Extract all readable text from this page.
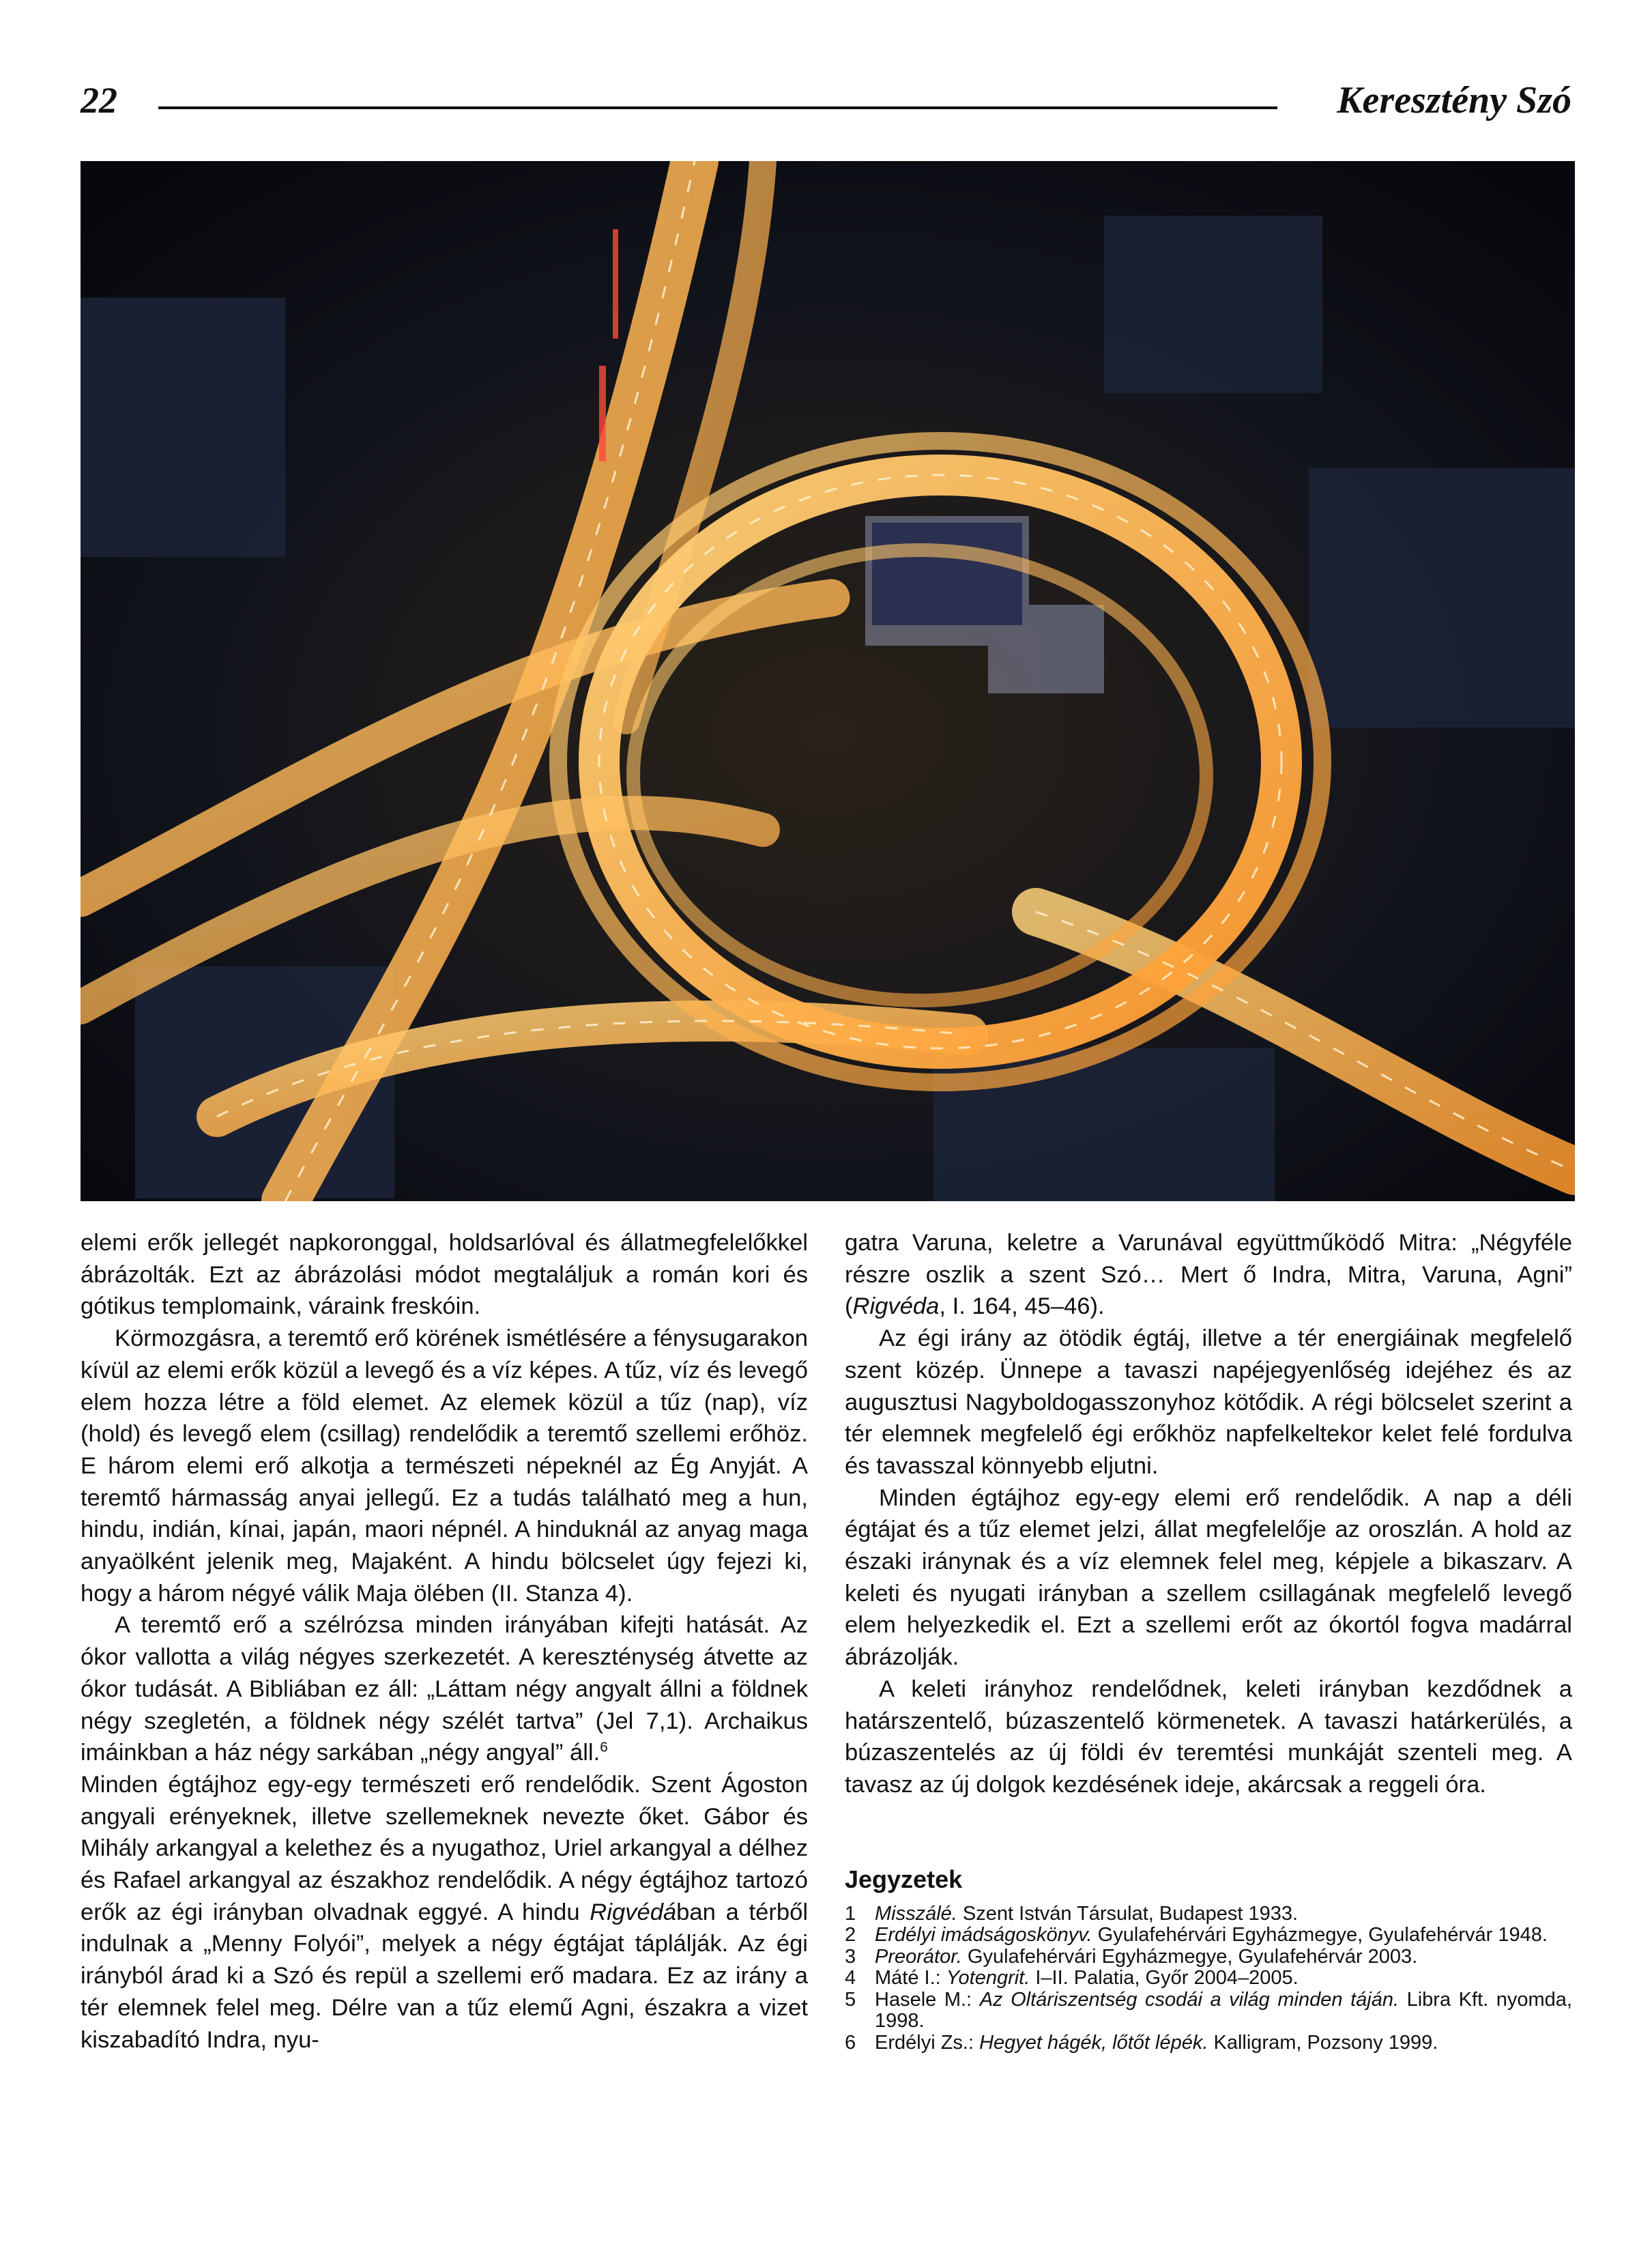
22	Keresztény Szó

elemi erők jellegét napkoronggal, holdsarlóval és állatmegfelelőkkel ábrázolták. Ezt az ábrázolási módot megtaláljuk a román kori és gótikus templomaink, váraink freskóin.

Körmozgásra, a teremtő erő körének ismétlésére a fénysugarakon kívül az elemi erők közül a levegő és a víz képes. A tűz, víz és levegő elem hozza létre a föld elemet. Az elemek közül a tűz (nap), víz (hold) és levegő elem (csillag) rendelődik a teremtő szellemi erőhöz. E három elemi erő alkotja a természeti népeknél az Ég Anyját. A teremtő hármasság anyai jellegű. Ez a tudás található meg a hun, hindu, indián, kínai, japán, maori népnél. A hinduknál az anyag maga anyaölként jelenik meg, Majaként. A hindu bölcselet úgy fejezi ki, hogy a három négyé válik Maja ölében (II. Stanza 4).

A teremtő erő a szélrózsa minden irányában kifejti hatását. Az ókor vallotta a világ négyes szerkezetét. A kereszténység átvette az ókor tudását. A Bibliában ez áll: „Láttam négy angyalt állni a földnek négy szegletén, a földnek négy szélét tartva” (Jel 7,1). Archaikus imáinkban a ház négy sarkában „négy angyal” áll.$^6$

Minden égtájhoz egy-egy természeti erő rendelődik. Szent Ágoston angyali erényeknek, illetve szellemeknek nevezte őket. Gábor és Mihály arkangyal a kelethez és a nyugathoz, Uriel arkangyal a délhez és Rafael arkangyal az északhoz rendelődik. A négy égtájhoz tartozó erők az égi irányban olvadnak eggyé. A hindu Rigvédában a térből indulnak a „Menny Folyói”, melyek a négy égtájat táplálják. Az égi irányból árad ki a Szó és repül a szellemi erő madara. Ez az irány a tér elemnek felel meg. Délre van a tűz elemű Agni, északra a vizet kiszabadító Indra, nyu-

gatra Varuna, keletre a Varunával együttműködő Mitra: „Négyféle részre oszlik a szent Szó… Mert ő Indra, Mitra, Varuna, Agni” (Rigvéda, I. 164, 45–46).

Az égi irány az ötödik égtáj, illetve a tér energiáinak megfelelő szent közép. Ünnepe a tavaszi napéjegyenlőség idejéhez és az augusztusi Nagyboldogasszonyhoz kötődik. A régi bölcselet szerint a tér elemnek megfelelő égi erőkhöz napfelkeltekor kelet felé fordulva és tavasszal könnyebb eljutni.

Minden égtájhoz egy-egy elemi erő rendelődik. A nap a déli égtájat és a tűz elemet jelzi, állat megfelelője az oroszlán. A hold az északi iránynak és a víz elemnek felel meg, képjele a bikaszarv. A keleti és nyugati irányban a szellem csillagának megfelelő levegő elem helyezkedik el. Ezt a szellemi erőt az ókortól fogva madárral ábrázolják.

A keleti irányhoz rendelődnek, keleti irányban kezdődnek a határszentelő, búzaszentelő körmenetek. A tavaszi határkerülés, a búzaszentelés az új földi év teremtési munkáját szenteli meg. A tavasz az új dolgok kezdésének ideje, akárcsak a reggeli óra.

Jegyzetek
1 Misszálé. Szent István Társulat, Budapest 1933.
2 Erdélyi imádságoskönyv. Gyulafehérvári Egyházmegye, Gyulafehérvár 1948.
3 Preorátor. Gyulafehérvári Egyházmegye, Gyulafehérvár 2003.
4 Máté I.: Yotengrit. I–II. Palatia, Győr 2004–2005.
5 Hasele M.: Az Oltáriszentség csodái a világ minden táján. Libra Kft. nyomda, 1998.
6 Erdélyi Zs.: Hegyet hágék, lőtőt lépék. Kalligram, Pozsony 1999.
